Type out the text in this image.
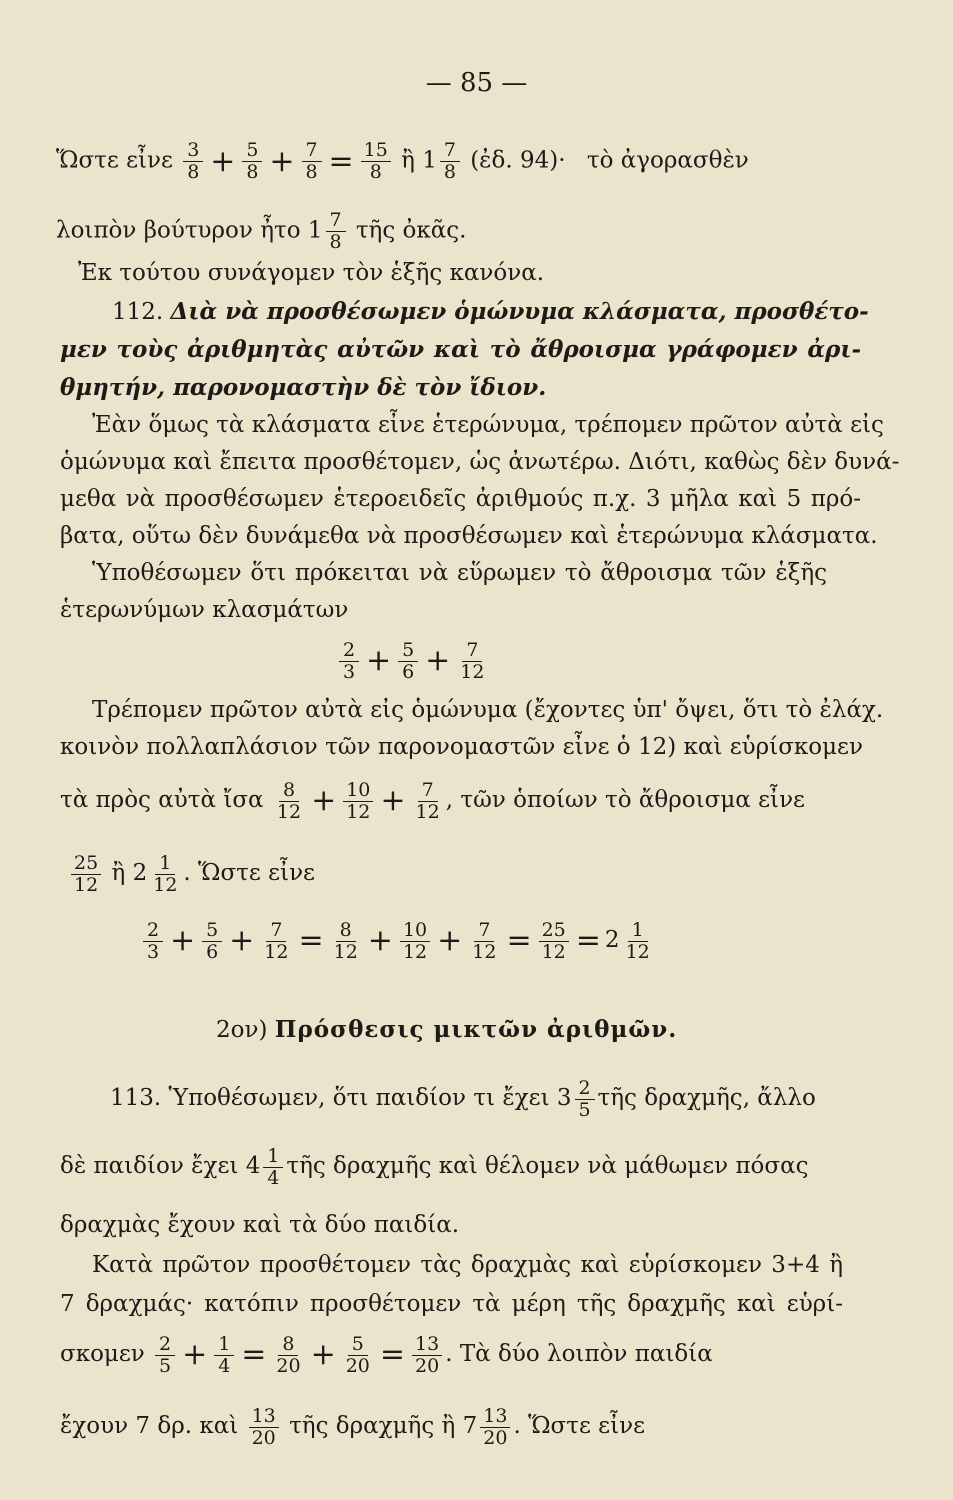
— 85 —
Ὥστε εἶνε $\frac{3}{8} + \frac{5}{8} + \frac{7}{8} = \frac{15}{8}$ ἢ $1 \frac{7}{8}$ (ἐδ. 94)· τὸ ἀγορασθὲν
λοιπὸν βούτυρον ἦτο $1 \frac{7}{8}$ τῆς ὀκᾶς.
Ἐκ τούτου συνάγομεν τὸν ἑξῆς κανόνα.
112. Διὰ νὰ προσθέσωμεν ὁμώνυμα κλάσματα, προσθέτο-
μεν τοὺς ἀριθμητὰς αὐτῶν καὶ τὸ ἄθροισμα γράφομεν ἀρι-
θμητήν, παρονομαστὴν δὲ τὸν ἴδιον.
Ἐὰν ὅμως τὰ κλάσματα εἶνε ἑτερώνυμα, τρέπομεν πρῶτον αὐτὰ εἰς
ὁμώνυμα καὶ ἔπειτα προσθέτομεν, ὡς ἀνωτέρω. Διότι, καθὼς δὲν δυνά-
μεθα νὰ προσθέσωμεν ἑτεροειδεῖς ἀριθμούς π.χ. 3 μῆλα καὶ 5 πρό-
βατα, οὕτω δὲν δυνάμεθα νὰ προσθέσωμεν καὶ ἑτερώνυμα κλάσματα.
Ὑποθέσωμεν ὅτι πρόκειται νὰ εὕρωμεν τὸ ἄθροισμα τῶν ἑξῆς
ἑτερωνύμων κλασμάτων
$\frac{2}{3} + \frac{5}{6} + \frac{7}{12}$
Τρέπομεν πρῶτον αὐτὰ εἰς ὁμώνυμα (ἔχοντες ὑπ' ὄψει, ὅτι τὸ ἐλάχ.
κοινὸν πολλαπλάσιον τῶν παρονομαστῶν εἶνε ὁ 12) καὶ εὑρίσκομεν
τὰ πρὸς αὐτὰ ἴσα $\frac{8}{12} + \frac{10}{12} + \frac{7}{12}$ , τῶν ὁποίων τὸ ἄθροισμα εἶνε
$\frac{25}{12}$ ἢ $2 \frac{1}{12}$ . Ὥστε εἶνε
$\frac{2}{3} + \frac{5}{6} + \frac{7}{12} = \frac{8}{12} + \frac{10}{12} + \frac{7}{12} = \frac{25}{12} = 2 \frac{1}{12}$
2ον) Πρόσθεσις μικτῶν ἀριθμῶν.
113. Ὑποθέσωμεν, ὅτι παιδίον τι ἔχει $3 \frac{2}{5}$ τῆς δραχμῆς, ἄλλο
δὲ παιδίον ἔχει $4 \frac{1}{4}$ τῆς δραχμῆς καὶ θέλομεν νὰ μάθωμεν πόσας
δραχμὰς ἔχουν καὶ τὰ δύο παιδία.
Κατὰ πρῶτον προσθέτομεν τὰς δραχμὰς καὶ εὑρίσκομεν 3+4 ἢ
7 δραχμάς· κατόπιν προσθέτομεν τὰ μέρη τῆς δραχμῆς καὶ εὑρί-
σκομεν $\frac{2}{5} + \frac{1}{4} = \frac{8}{20} + \frac{5}{20} = \frac{13}{20}$ . Τὰ δύο λοιπὸν παιδία
ἔχουν 7 δρ. καὶ $\frac{13}{20}$ τῆς δραχμῆς ἢ $7 \frac{13}{20}$ . Ὥστε εἶνε
